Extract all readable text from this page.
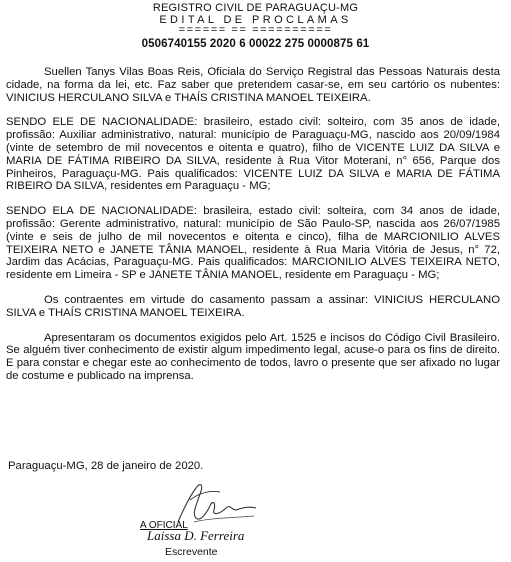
REGISTRO CIVIL DE PARAGUAÇU-MG
EDITAL DE PROCLAMAS
====== == ==========
0506740155 2020 6 00022 275 0000875 61

Suellen Tanys Vilas Boas Reis, Oficiala do Serviço Registral das Pessoas Naturais desta cidade, na forma da lei, etc. Faz saber que pretendem casar-se, em seu cartório os nubentes: VINICIUS HERCULANO SILVA e THAÍS CRISTINA MANOEL TEIXEIRA.

SENDO ELE DE NACIONALIDADE: brasileiro, estado civil: solteiro, com 35 anos de idade, profissão: Auxiliar administrativo, natural: município de Paraguaçu-MG, nascido aos 20/09/1984 (vinte de setembro de mil novecentos e oitenta e quatro), filho de VICENTE LUIZ DA SILVA e MARIA DE FÁTIMA RIBEIRO DA SILVA, residente à Rua Vitor Moterani, n° 656, Parque dos Pinheiros, Paraguaçu-MG. Pais qualificados: VICENTE LUIZ DA SILVA e MARIA DE FÁTIMA RIBEIRO DA SILVA, residentes em Paraguaçu - MG;

SENDO ELA DE NACIONALIDADE: brasileira, estado civil: solteira, com 34 anos de idade, profissão: Gerente administrativo, natural: município de São Paulo-SP, nascida aos 26/07/1985 (vinte e seis de julho de mil novecentos e oitenta e cinco), filha de MARCIONILIO ALVES TEIXEIRA NETO e JANETE TÂNIA MANOEL, residente à Rua Maria Vitória de Jesus, n° 72, Jardim das Acácias, Paraguaçu-MG. Pais qualificados: MARCIONILIO ALVES TEIXEIRA NETO, residente em Limeira - SP e JANETE TÂNIA MANOEL, residente em Paraguaçu - MG;

Os contraentes em virtude do casamento passam a assinar: VINICIUS HERCULANO SILVA e THAÍS CRISTINA MANOEL TEIXEIRA.

Apresentaram os documentos exigidos pelo Art. 1525 e incisos do Código Civil Brasileiro. Se alguém tiver conhecimento de existir algum impedimento legal, acuse-o para os fins de direito. E para constar e chegar este ao conhecimento de todos, lavro o presente que ser afixado no lugar de costume e publicado na imprensa.

Paraguaçu-MG, 28 de janeiro de 2020.
A OFICIAL
Laissa D. Ferreira
Escrevente
